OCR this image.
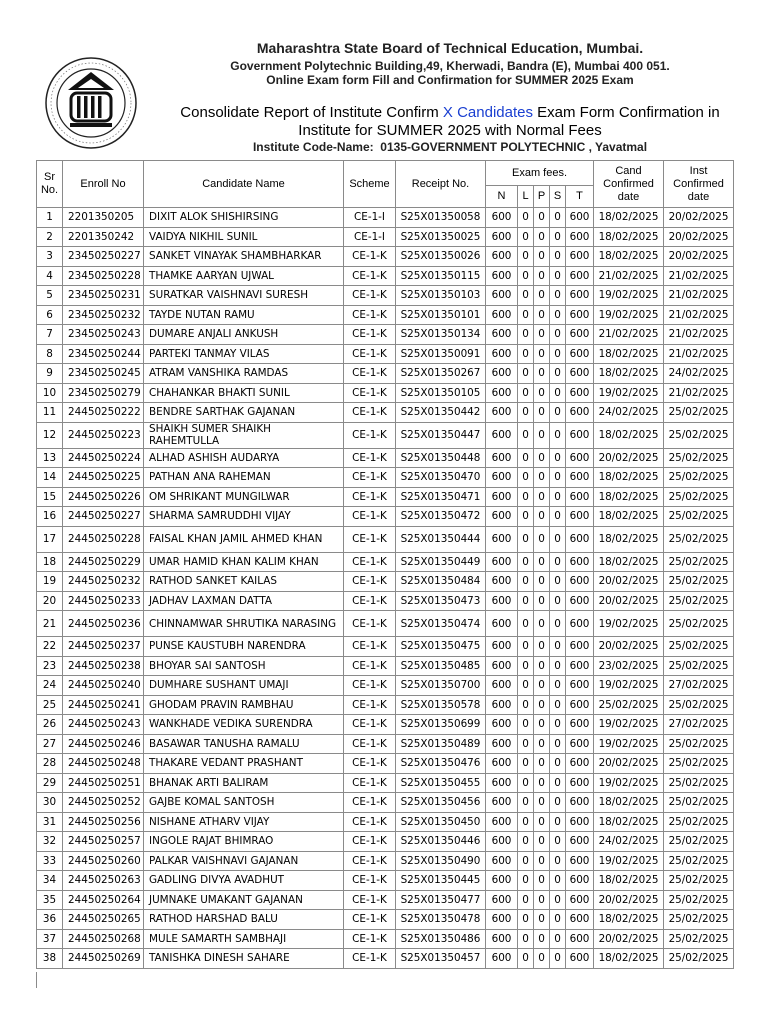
Maharashtra State Board of Technical Education, Mumbai.
Government Polytechnic Building,49, Kherwadi, Bandra (E), Mumbai 400 051.
Online Exam form Fill and Confirmation for SUMMER 2025 Exam
Consolidate Report of Institute Confirm X Candidates Exam Form Confirmation in
Institute for SUMMER 2025 with Normal Fees
Institute Code-Name: 0135-GOVERNMENT POLYTECHNIC , Yavatmal
Sr No.	Enroll No	Candidate Name	Scheme	Receipt No.	Exam fees.					Cand Confirmed date	Inst Confirmed date
					N	L	P	S	T		
1	2201350205	DIXIT ALOK SHISHIRSING	CE-1-I	S25X01350058	600	0	0	0	600	18/02/2025	20/02/2025
2	2201350242	VAIDYA NIKHIL SUNIL	CE-1-I	S25X01350025	600	0	0	0	600	18/02/2025	20/02/2025
3	23450250227	SANKET VINAYAK SHAMBHARKAR	CE-1-K	S25X01350026	600	0	0	0	600	18/02/2025	20/02/2025
4	23450250228	THAMKE AARYAN UJWAL	CE-1-K	S25X01350115	600	0	0	0	600	21/02/2025	21/02/2025
5	23450250231	SURATKAR VAISHNAVI SURESH	CE-1-K	S25X01350103	600	0	0	0	600	19/02/2025	21/02/2025
6	23450250232	TAYDE NUTAN RAMU	CE-1-K	S25X01350101	600	0	0	0	600	19/02/2025	21/02/2025
7	23450250243	DUMARE ANJALI ANKUSH	CE-1-K	S25X01350134	600	0	0	0	600	21/02/2025	21/02/2025
8	23450250244	PARTEKI TANMAY VILAS	CE-1-K	S25X01350091	600	0	0	0	600	18/02/2025	21/02/2025
9	23450250245	ATRAM VANSHIKA RAMDAS	CE-1-K	S25X01350267	600	0	0	0	600	18/02/2025	24/02/2025
10	23450250279	CHAHANKAR BHAKTI SUNIL	CE-1-K	S25X01350105	600	0	0	0	600	19/02/2025	21/02/2025
11	24450250222	BENDRE SARTHAK GAJANAN	CE-1-K	S25X01350442	600	0	0	0	600	24/02/2025	25/02/2025
12	24450250223	SHAIKH SUMER SHAIKH RAHEMTULLA	CE-1-K	S25X01350447	600	0	0	0	600	18/02/2025	25/02/2025
13	24450250224	ALHAD ASHISH AUDARYA	CE-1-K	S25X01350448	600	0	0	0	600	20/02/2025	25/02/2025
14	24450250225	PATHAN ANA RAHEMAN	CE-1-K	S25X01350470	600	0	0	0	600	18/02/2025	25/02/2025
15	24450250226	OM SHRIKANT MUNGILWAR	CE-1-K	S25X01350471	600	0	0	0	600	18/02/2025	25/02/2025
16	24450250227	SHARMA SAMRUDDHI VIJAY	CE-1-K	S25X01350472	600	0	0	0	600	18/02/2025	25/02/2025
17	24450250228	FAISAL KHAN JAMIL AHMED KHAN	CE-1-K	S25X01350444	600	0	0	0	600	18/02/2025	25/02/2025
18	24450250229	UMAR HAMID KHAN KALIM KHAN	CE-1-K	S25X01350449	600	0	0	0	600	18/02/2025	25/02/2025
19	24450250232	RATHOD SANKET KAILAS	CE-1-K	S25X01350484	600	0	0	0	600	20/02/2025	25/02/2025
20	24450250233	JADHAV LAXMAN DATTA	CE-1-K	S25X01350473	600	0	0	0	600	20/02/2025	25/02/2025
21	24450250236	CHINNAMWAR SHRUTIKA NARASING	CE-1-K	S25X01350474	600	0	0	0	600	19/02/2025	25/02/2025
22	24450250237	PUNSE KAUSTUBH NARENDRA	CE-1-K	S25X01350475	600	0	0	0	600	20/02/2025	25/02/2025
23	24450250238	BHOYAR SAI SANTOSH	CE-1-K	S25X01350485	600	0	0	0	600	23/02/2025	25/02/2025
24	24450250240	DUMHARE SUSHANT UMAJI	CE-1-K	S25X01350700	600	0	0	0	600	19/02/2025	27/02/2025
25	24450250241	GHODAM PRAVIN RAMBHAU	CE-1-K	S25X01350578	600	0	0	0	600	25/02/2025	25/02/2025
26	24450250243	WANKHADE VEDIKA SURENDRA	CE-1-K	S25X01350699	600	0	0	0	600	19/02/2025	27/02/2025
27	24450250246	BASAWAR TANUSHA RAMALU	CE-1-K	S25X01350489	600	0	0	0	600	19/02/2025	25/02/2025
28	24450250248	THAKARE VEDANT PRASHANT	CE-1-K	S25X01350476	600	0	0	0	600	20/02/2025	25/02/2025
29	24450250251	BHANAK ARTI BALIRAM	CE-1-K	S25X01350455	600	0	0	0	600	19/02/2025	25/02/2025
30	24450250252	GAJBE KOMAL SANTOSH	CE-1-K	S25X01350456	600	0	0	0	600	18/02/2025	25/02/2025
31	24450250256	NISHANE ATHARV VIJAY	CE-1-K	S25X01350450	600	0	0	0	600	18/02/2025	25/02/2025
32	24450250257	INGOLE RAJAT BHIMRAO	CE-1-K	S25X01350446	600	0	0	0	600	24/02/2025	25/02/2025
33	24450250260	PALKAR VAISHNAVI GAJANAN	CE-1-K	S25X01350490	600	0	0	0	600	19/02/2025	25/02/2025
34	24450250263	GADLING DIVYA AVADHUT	CE-1-K	S25X01350445	600	0	0	0	600	18/02/2025	25/02/2025
35	24450250264	JUMNAKE UMAKANT GAJANAN	CE-1-K	S25X01350477	600	0	0	0	600	20/02/2025	25/02/2025
36	24450250265	RATHOD HARSHAD BALU	CE-1-K	S25X01350478	600	0	0	0	600	18/02/2025	25/02/2025
37	24450250268	MULE SAMARTH SAMBHAJI	CE-1-K	S25X01350486	600	0	0	0	600	20/02/2025	25/02/2025
38	24450250269	TANISHKA DINESH SAHARE	CE-1-K	S25X01350457	600	0	0	0	600	18/02/2025	25/02/2025
